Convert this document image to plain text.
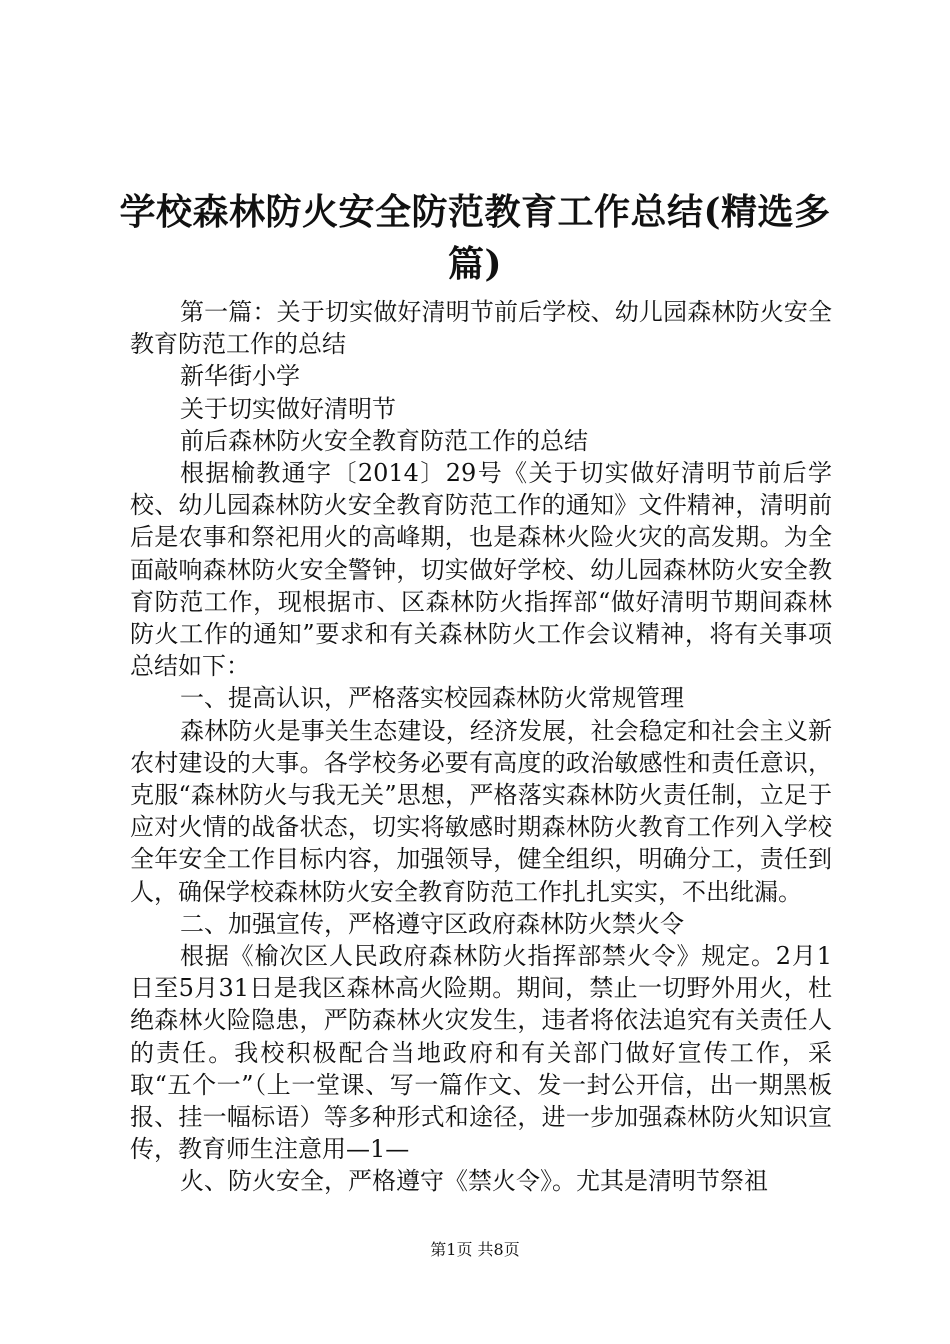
学校森林防火安全防范教育工作总结(精选多篇)

第一篇：关于切实做好清明节前后学校、幼儿园森林防火安全教育防范工作的总结

新华街小学

关于切实做好清明节

前后森林防火安全教育防范工作的总结

根据榆教通字〔2014〕29号《关于切实做好清明节前后学校、幼儿园森林防火安全教育防范工作的通知》文件精神，清明前后是农事和祭祀用火的高峰期，也是森林火险火灾的高发期。为全面敲响森林防火安全警钟，切实做好学校、幼儿园森林防火安全教育防范工作，现根据市、区森林防火指挥部“做好清明节期间森林防火工作的通知”要求和有关森林防火工作会议精神，将有关事项总结如下：

一、提高认识，严格落实校园森林防火常规管理

森林防火是事关生态建设，经济发展，社会稳定和社会主义新农村建设的大事。各学校务必要有高度的政治敏感性和责任意识，克服“森林防火与我无关”思想，严格落实森林防火责任制，立足于应对火情的战备状态，切实将敏感时期森林防火教育工作列入学校全年安全工作目标内容，加强领导，健全组织，明确分工，责任到人，确保学校森林防火安全教育防范工作扎扎实实，不出纰漏。

二、加强宣传，严格遵守区政府森林防火禁火令

根据《榆次区人民政府森林防火指挥部禁火令》规定。2月1日至5月31日是我区森林高火险期。期间，禁止一切野外用火，杜绝森林火险隐患，严防森林火灾发生，违者将依法追究有关责任人的责任。我校积极配合当地政府和有关部门做好宣传工作，采取“五个一”（上一堂课、写一篇作文、发一封公开信，出一期黑板报、挂一幅标语）等多种形式和途径，进一步加强森林防火知识宣传，教育师生注意用—1—

火、防火安全，严格遵守《禁火令》。尤其是清明节祭祖

第1页 共8页
